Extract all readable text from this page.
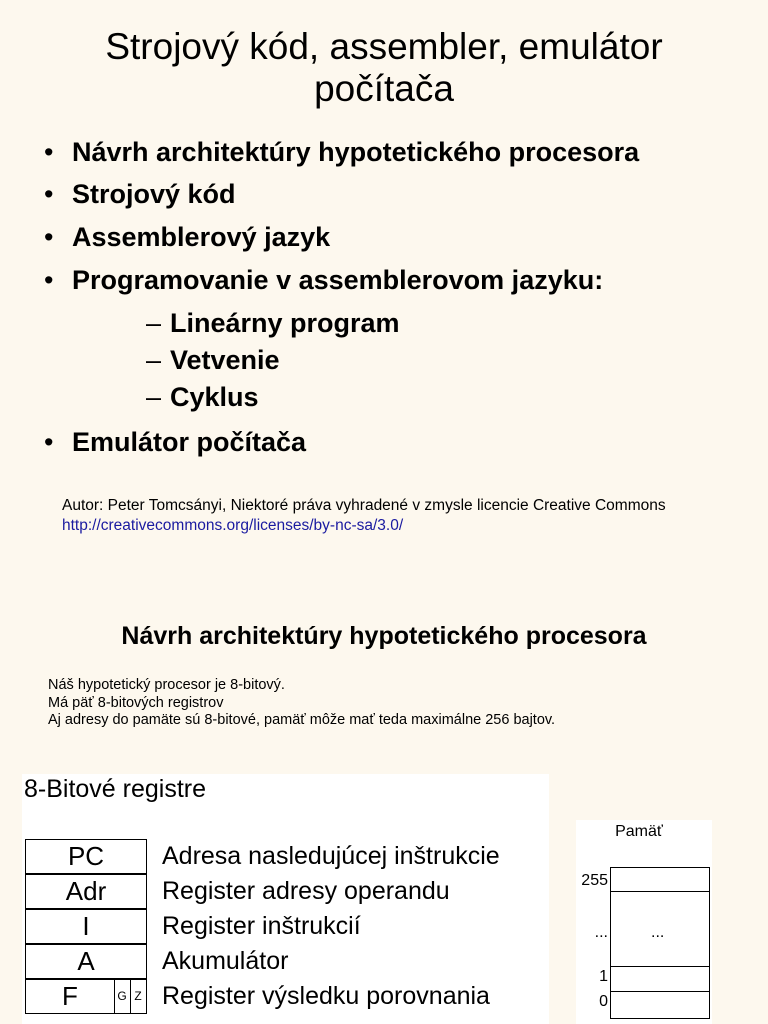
Strojový kód, assembler, emulátor
počítača
• Návrh architektúry hypotetického procesora
• Strojový kód
• Assemblerový jazyk
• Programovanie v assemblerovom jazyku:
– Lineárny program
– Vetvenie
– Cyklus
• Emulátor počítača
Autor: Peter Tomcsányi, Niektoré práva vyhradené v zmysle licencie Creative Commons
http://creativecommons.org/licenses/by-nc-sa/3.0/
Návrh architektúry hypotetického procesora
Náš hypotetický procesor je 8-bitový.
Má päť 8-bitových registrov
Aj adresy do pamäte sú 8-bitové, pamäť môže mať teda maximálne 256 bajtov.
8-Bitové registre
PC	Adresa nasledujúcej inštrukcie
Adr	Register adresy operandu
I	Register inštrukcií
A	Akumulátor
F	G Z Register výsledku porovnania
Pamäť
255
...
1
0
...
